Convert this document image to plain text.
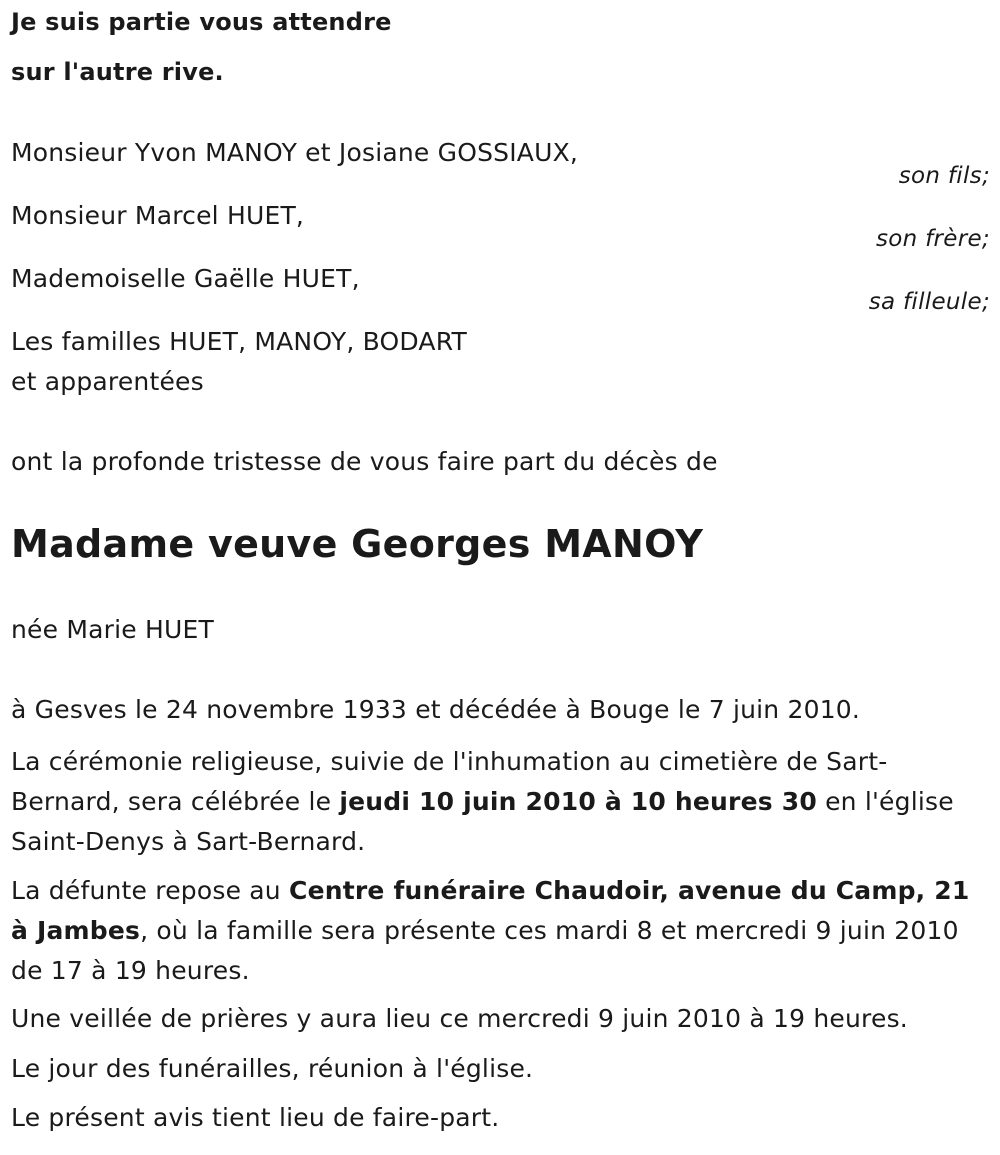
Je suis partie vous attendre

sur l'autre rive.

Monsieur Yvon MANOY et Josiane GOSSIAUX,

son fils;

Monsieur Marcel HUET,

son frère;

Mademoiselle Gaëlle HUET,

sa filleule;

Les familles HUET, MANOY, BODART

et apparentées

ont la profonde tristesse de vous faire part du décès de

Madame veuve Georges MANOY

née Marie HUET

à Gesves le 24 novembre 1933 et décédée à Bouge le 7 juin 2010.

La cérémonie religieuse, suivie de l'inhumation au cimetière de Sart-Bernard, sera célébrée le jeudi 10 juin 2010 à 10 heures 30 en l'église Saint-Denys à Sart-Bernard.

La défunte repose au Centre funéraire Chaudoir, avenue du Camp, 21 à Jambes, où la famille sera présente ces mardi 8 et mercredi 9 juin 2010 de 17 à 19 heures.

Une veillée de prières y aura lieu ce mercredi 9 juin 2010 à 19 heures.

Le jour des funérailles, réunion à l'église.

Le présent avis tient lieu de faire-part.
